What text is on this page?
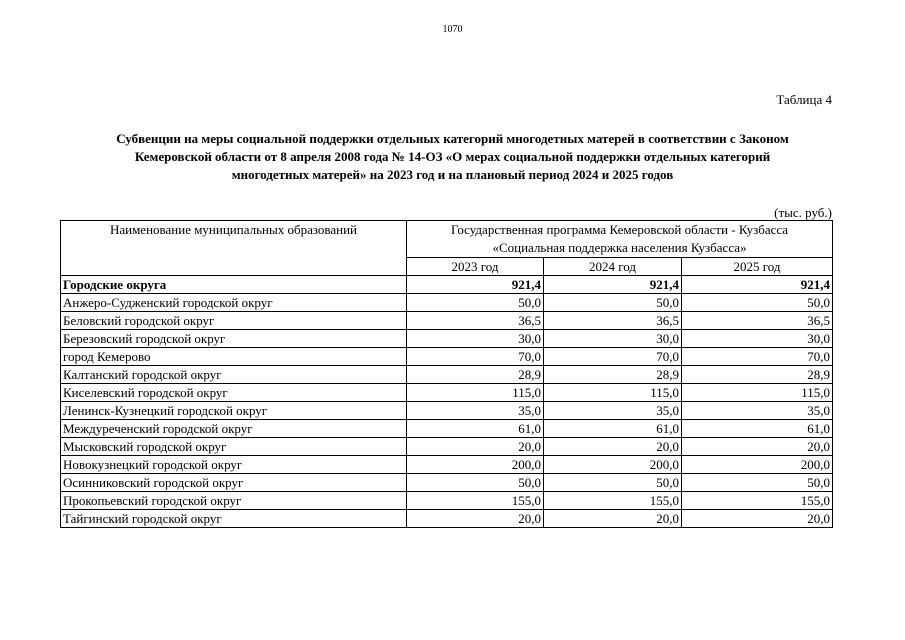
1070
Таблица 4
Субвенции на меры социальной поддержки отдельных категорий многодетных матерей в соответствии с Законом
Кемеровской области от 8 апреля 2008 года № 14-ОЗ «О мерах социальной поддержки отдельных категорий
многодетных матерей» на 2023 год и на плановый период 2024 и 2025 годов
(тыс. руб.)
Наименование муниципальных образований	Государственная программа Кемеровской области - Кузбасса
«Социальная поддержка населения Кузбасса»		

	2023 год	2024 год	2025 год
Городские округа	921,4	921,4	921,4
Анжеро-Судженский городской округ	50,0	50,0	50,0
Беловский городской округ	36,5	36,5	36,5
Березовский городской округ	30,0	30,0	30,0
город Кемерово	70,0	70,0	70,0
Калтанский городской округ	28,9	28,9	28,9
Киселевский городской округ	115,0	115,0	115,0
Ленинск-Кузнецкий городской округ	35,0	35,0	35,0
Междуреченский городской округ	61,0	61,0	61,0
Мысковский городской округ	20,0	20,0	20,0
Новокузнецкий городской округ	200,0	200,0	200,0
Осинниковский городской округ	50,0	50,0	50,0
Прокопьевский городской округ	155,0	155,0	155,0
Тайгинский городской округ	20,0	20,0	20,0
